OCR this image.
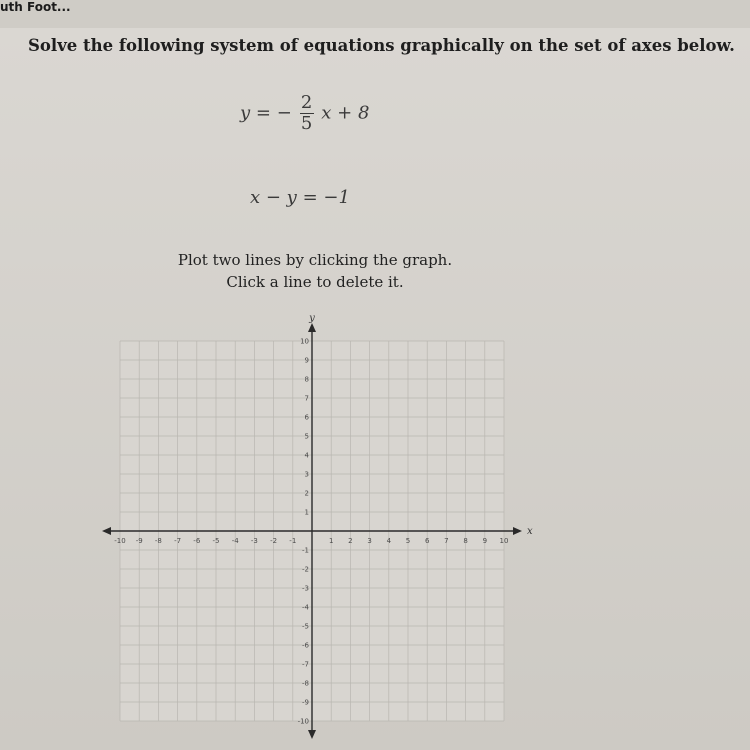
uth Foot...
Solve the following system of equations graphically on the set of axes below.
y = − $\frac{2}{5}$ x + 8
x − y = −1
Plot two lines by clicking the graph.
Click a line to delete it.
-10 -9 -8 -7 -6 -5 -4 -3 -2 -1	1 2 3 4 5 6 7 8 9 10
10
9
8
7
6
5
4
3
2
1
-1
-2
-3
-4
-5
-6
-7
-8
-9
-10
x
y
